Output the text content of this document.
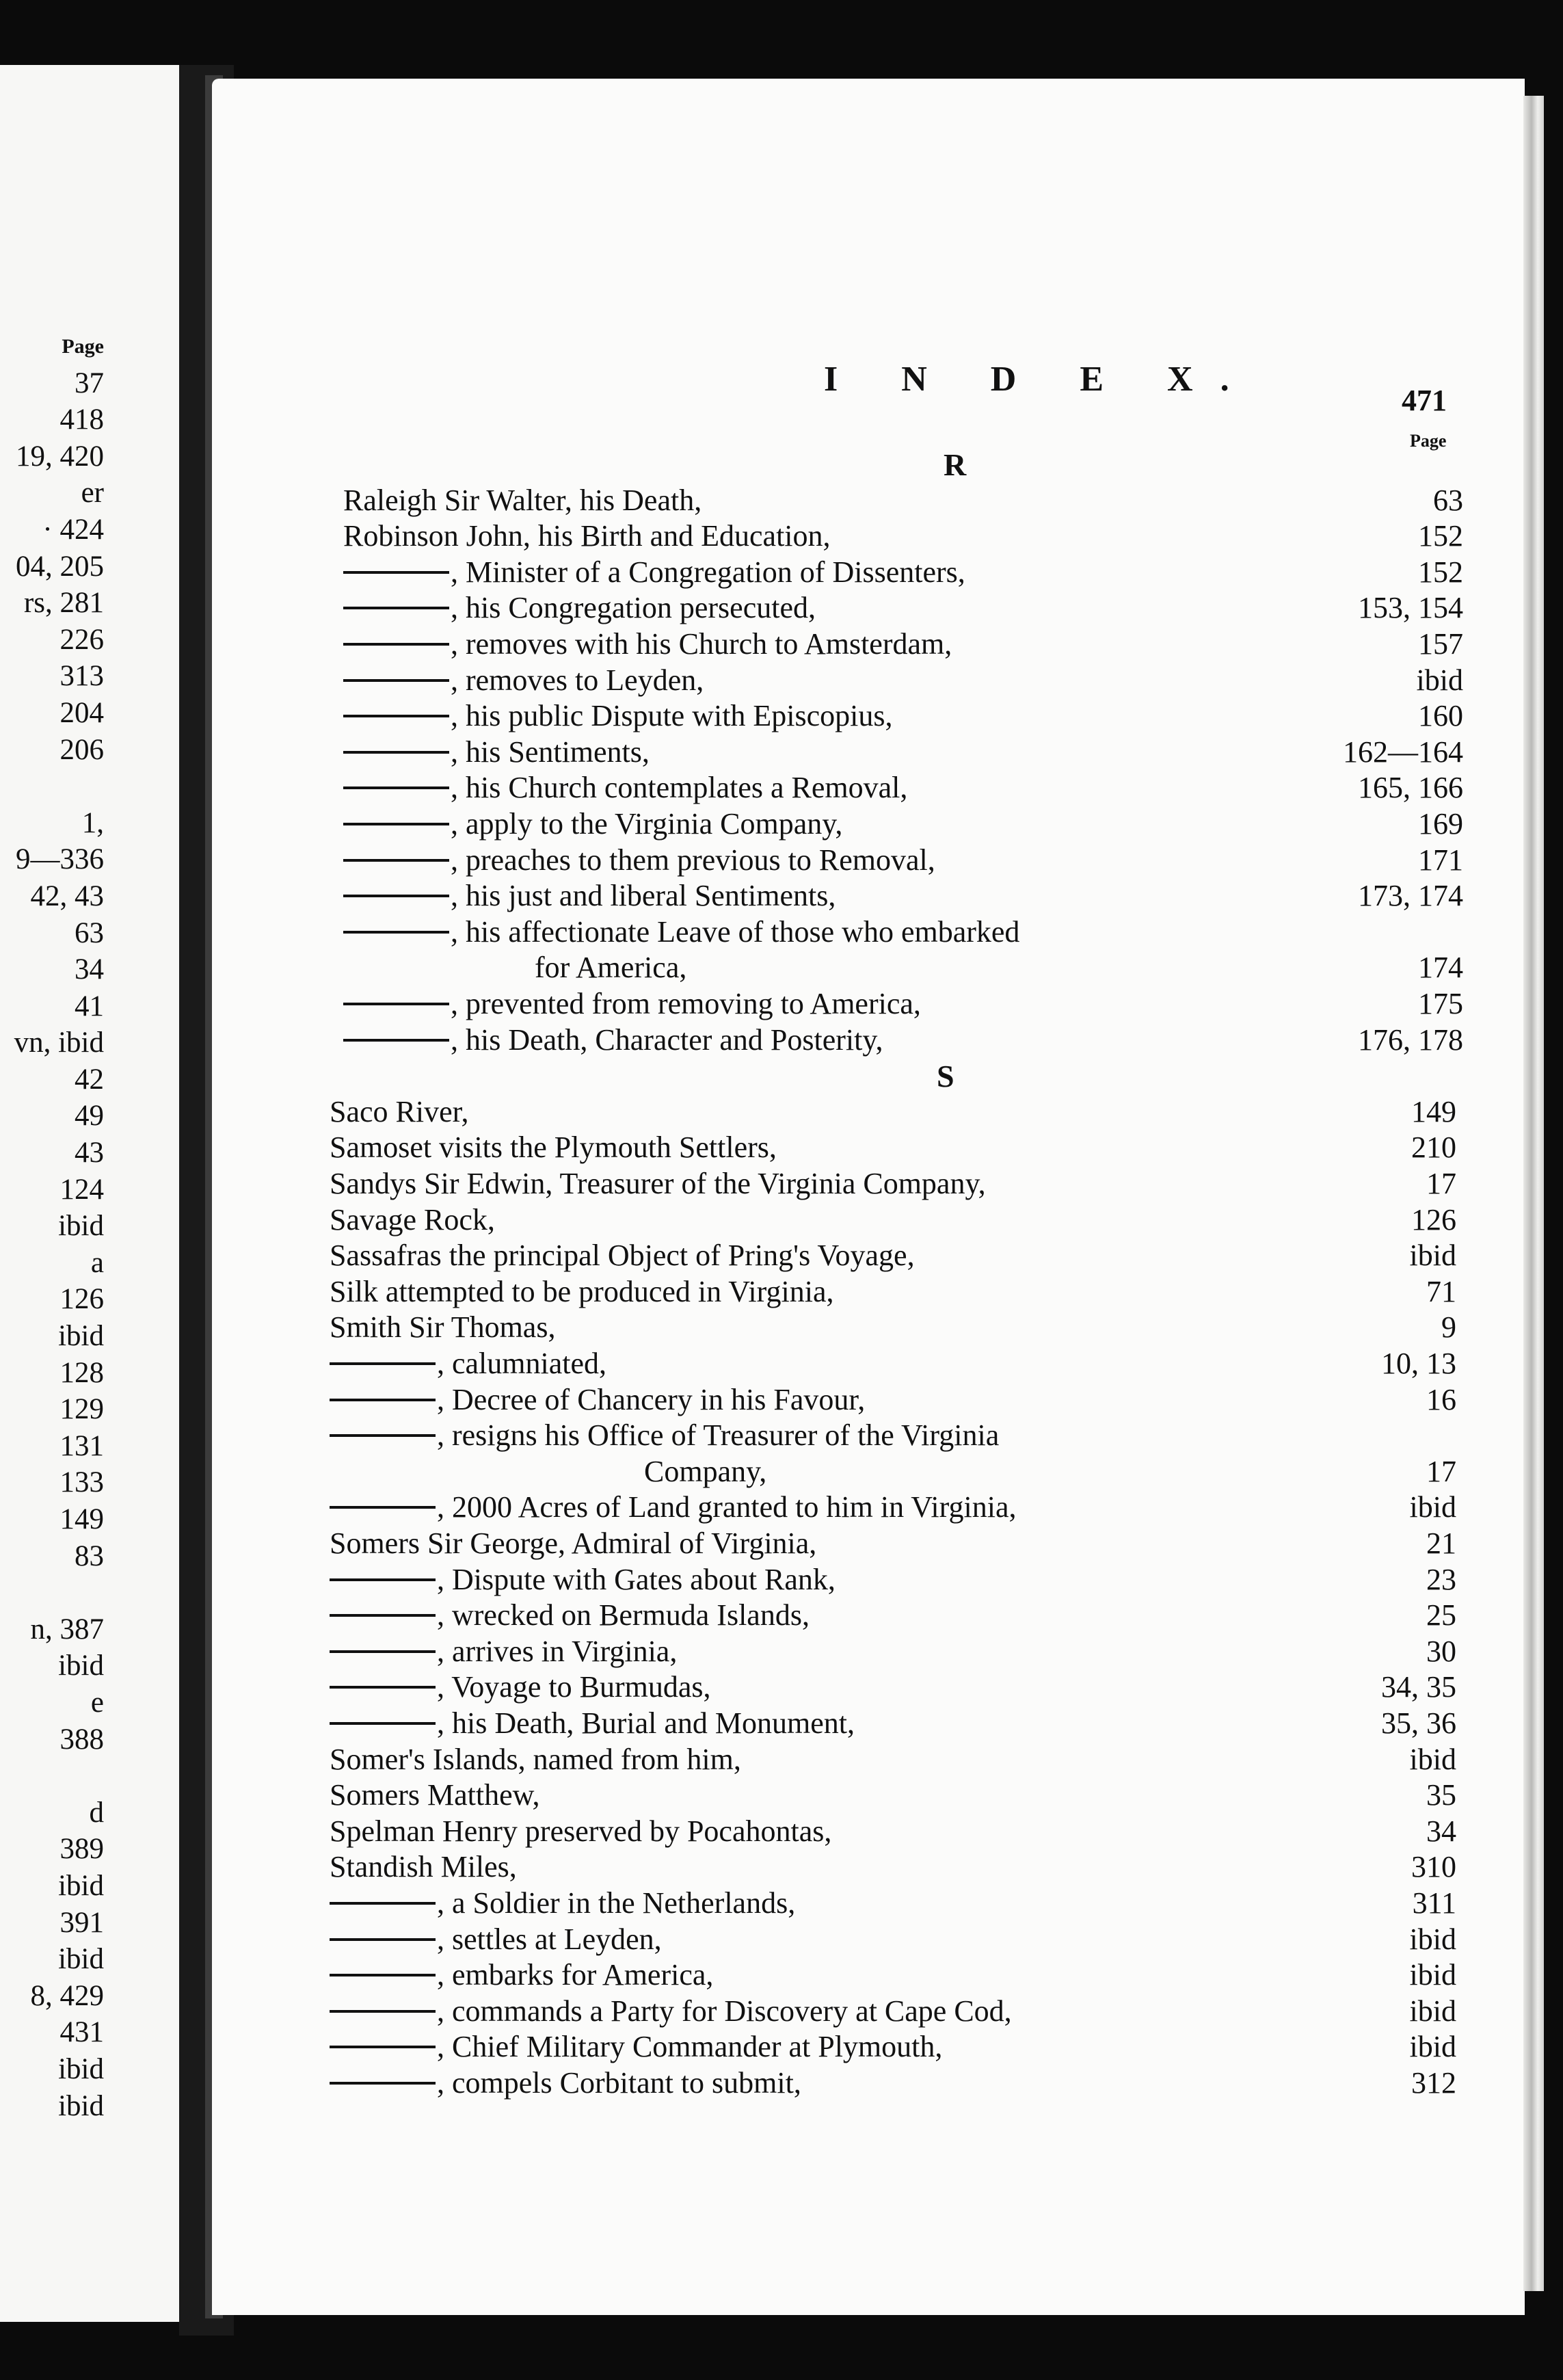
Page
37
418
19, 420
er
· 424
04, 205
rs, 281
226
313
204
206
1,
9—336
42, 43
63
34
41
vn, ibid
42
49
43
124
ibid
a
126
ibid
128
129
131
133
149
83
n, 387
ibid
e
388
d
389
ibid
391
ibid
8, 429
431
ibid
ibid
I N D E X.
471
Page
R
Raleigh Sir Walter, his Death,	63
Robinson John, his Birth and Education,	152
, Minister of a Congregation of Dissenters,	152
, his Congregation persecuted,	153, 154
, removes with his Church to Amsterdam,	157
, removes to Leyden,	ibid
, his public Dispute with Episcopius,	160
, his Sentiments,	162—164
, his Church contemplates a Removal,	165, 166
, apply to the Virginia Company,	169
, preaches to them previous to Removal,	171
, his just and liberal Sentiments,	173, 174
, his affectionate Leave of those who embarked
for America,	174
, prevented from removing to America,	175
, his Death, Character and Posterity,	176, 178
S
Saco River,	149
Samoset visits the Plymouth Settlers,	210
Sandys Sir Edwin, Treasurer of the Virginia Company,	17
Savage Rock,	126
Sassafras the principal Object of Pring's Voyage,	ibid
Silk attempted to be produced in Virginia,	71
Smith Sir Thomas,	9
, calumniated,	10, 13
, Decree of Chancery in his Favour,	16
, resigns his Office of Treasurer of the Virginia
Company,	17
, 2000 Acres of Land granted to him in Virginia,	ibid
Somers Sir George, Admiral of Virginia,	21
, Dispute with Gates about Rank,	23
, wrecked on Bermuda Islands,	25
, arrives in Virginia,	30
, Voyage to Burmudas,	34, 35
, his Death, Burial and Monument,	35, 36
Somer's Islands, named from him,	ibid
Somers Matthew,	35
Spelman Henry preserved by Pocahontas,	34
Standish Miles,	310
, a Soldier in the Netherlands,	311
, settles at Leyden,	ibid
, embarks for America,	ibid
, commands a Party for Discovery at Cape Cod,	ibid
, Chief Military Commander at Plymouth,	ibid
, compels Corbitant to submit,	312
